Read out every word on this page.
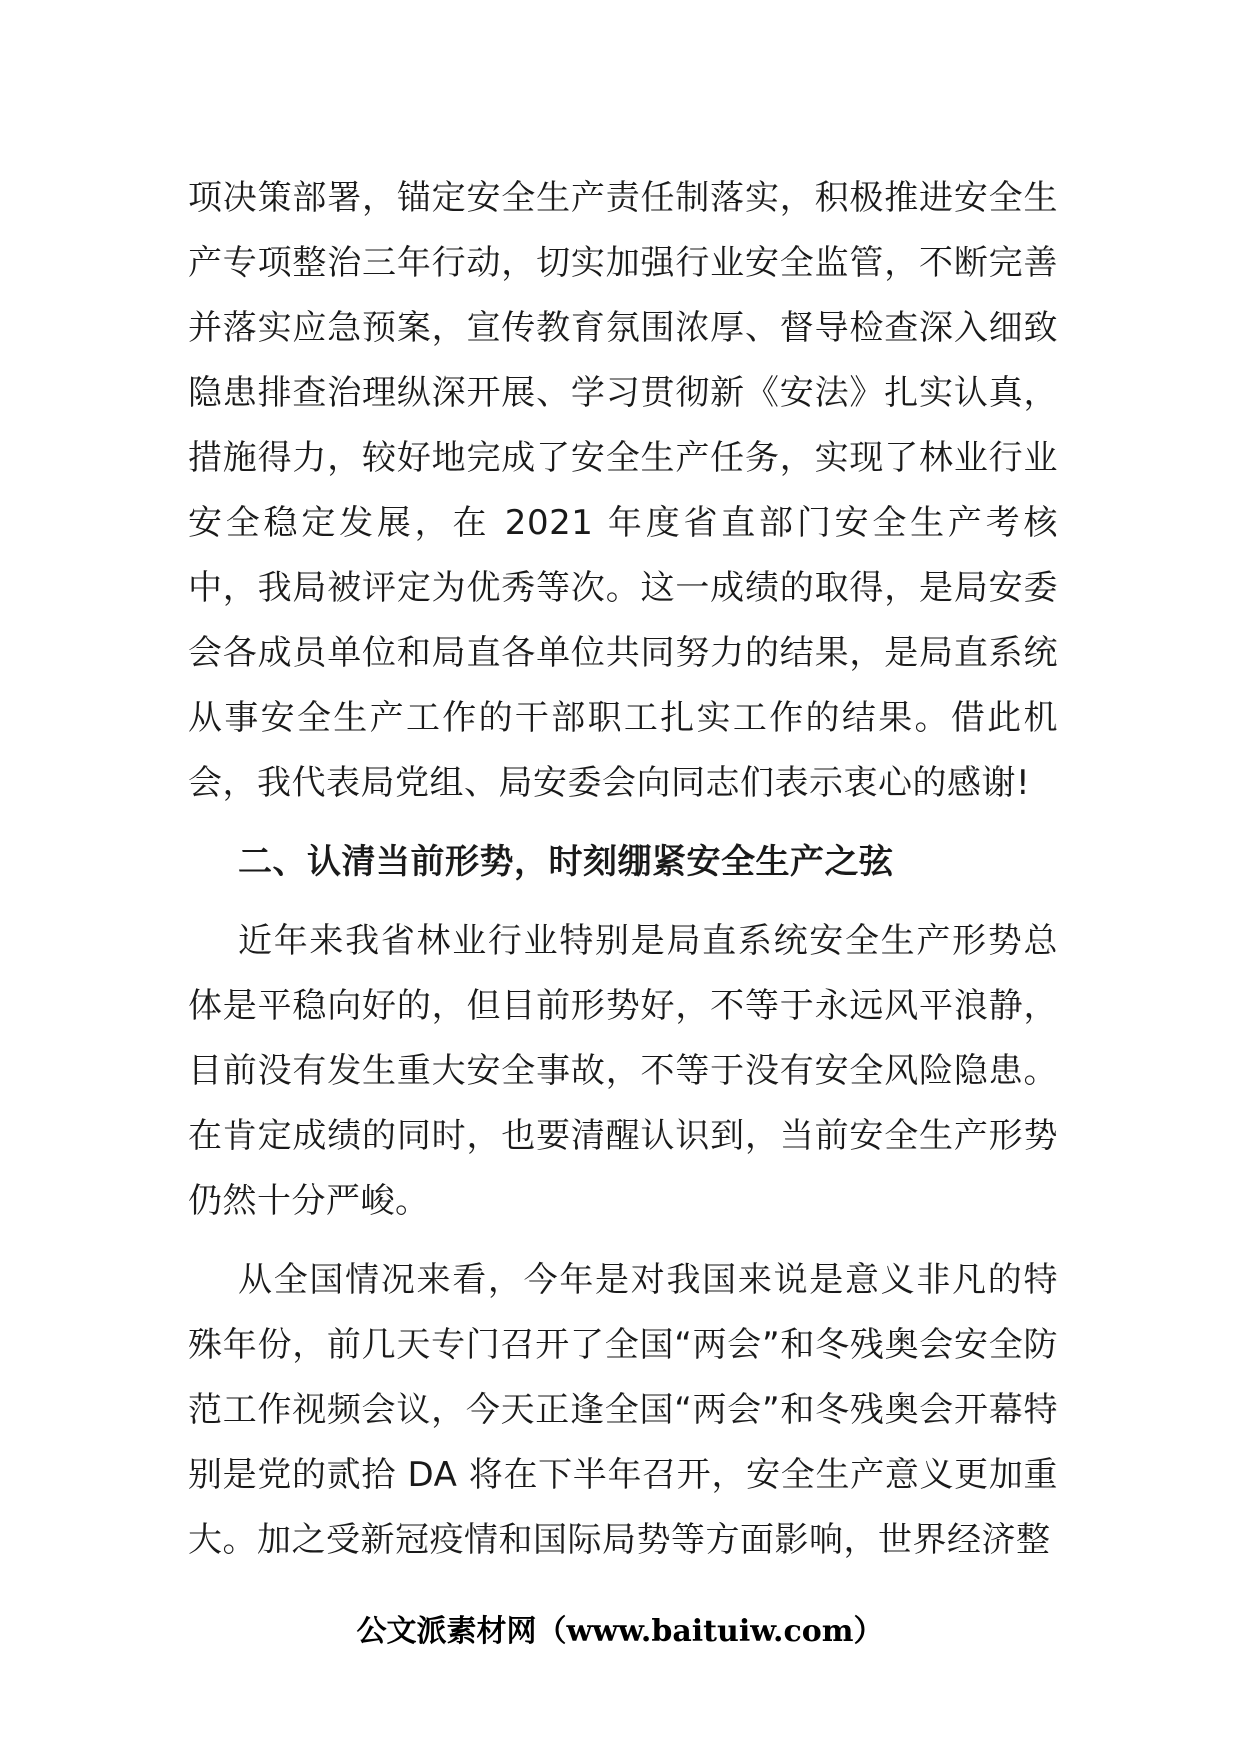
项决策部署，锚定安全生产责任制落实，积极推进安全生产专项整治三年行动，切实加强行业安全监管，不断完善并落实应急预案，宣传教育氛围浓厚、督导检查深入细致隐患排查治理纵深开展、学习贯彻新《安法》扎实认真，措施得力，较好地完成了安全生产任务，实现了林业行业安全稳定发展，在 2021 年度省直部门安全生产考核中，我局被评定为优秀等次。这一成绩的取得，是局安委会各成员单位和局直各单位共同努力的结果，是局直系统从事安全生产工作的干部职工扎实工作的结果。借此机会，我代表局党组、局安委会向同志们表示衷心的感谢!

二、认清当前形势，时刻绷紧安全生产之弦

近年来我省林业行业特别是局直系统安全生产形势总体是平稳向好的，但目前形势好，不等于永远风平浪静，目前没有发生重大安全事故，不等于没有安全风险隐患。在肯定成绩的同时，也要清醒认识到，当前安全生产形势仍然十分严峻。

从全国情况来看，今年是对我国来说是意义非凡的特殊年份，前几天专门召开了全国“两会”和冬残奥会安全防范工作视频会议，今天正逢全国“两会”和冬残奥会开幕特别是党的贰拾 DA 将在下半年召开，安全生产意义更加重大。加之受新冠疫情和国际局势等方面影响，世界经济整

公文派素材网（www.baituiw.com）
